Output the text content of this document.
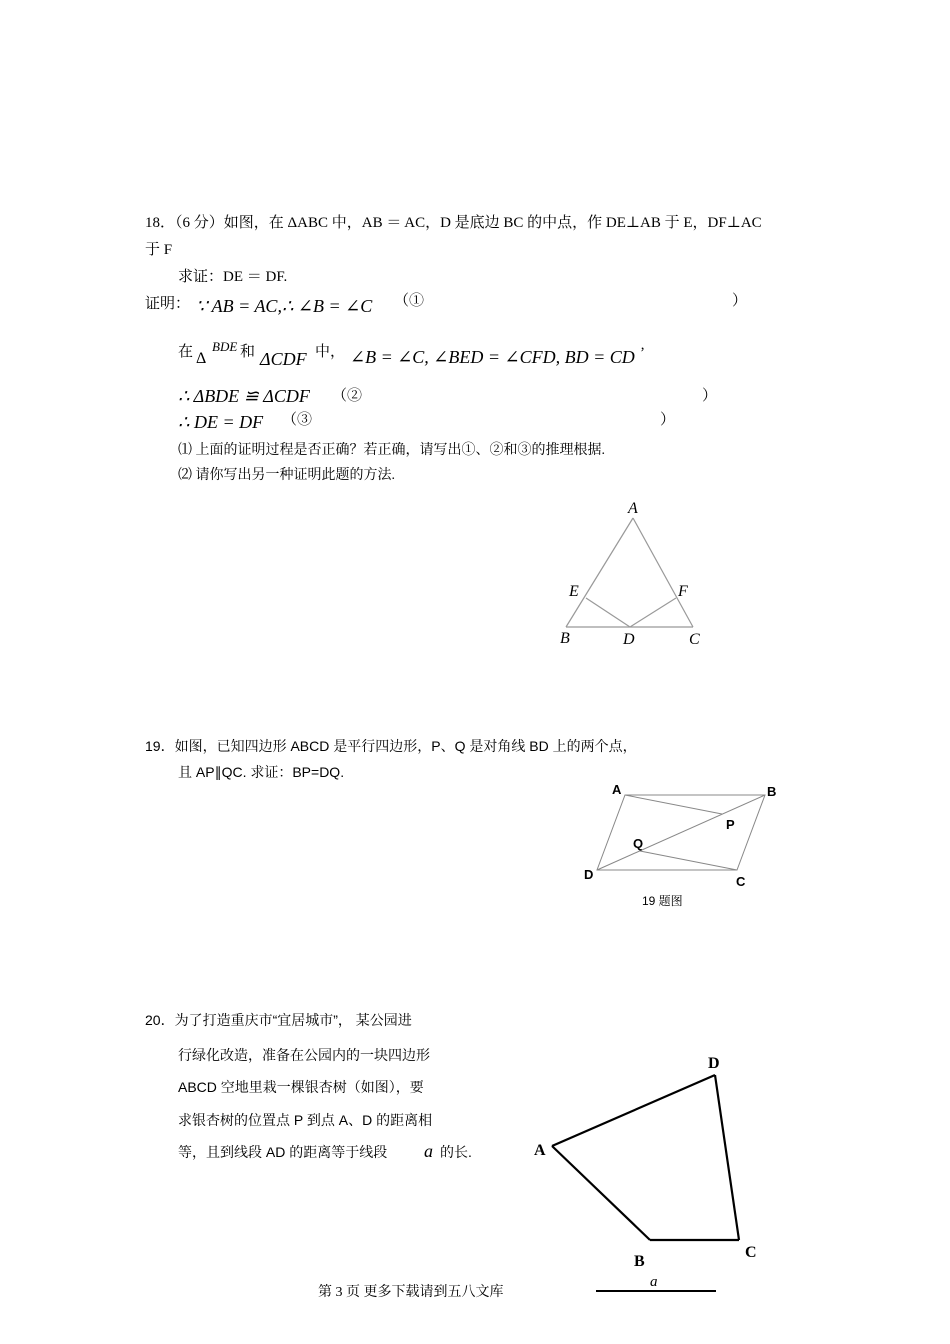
18．（6 分）如图，在 ΔABC 中，AB ＝ AC，D 是底边 BC 的中点，作 DE⊥AB 于 E，DF⊥AC
于 F
求证：DE ＝ DF.
证明： ∵ AB = AC,∴ ∠B = ∠C （①	）
在 Δ
BDE 和 ΔCDF 中， ∠B = ∠C, ∠BED = ∠CFD, BD = CD ’
∴ ΔBDE ≌ ΔCDF （②	）
∴ DE = DF （③	）
⑴ 上面的证明过程是否正确？若正确，请写出①、②和③的推理根据.
⑵ 请你写出另一种证明此题的方法.
A
E	F
B	D	C
A	B
P
Q
D	C
A
B
C
D
a
19．如图，已知四边形 ABCD 是平行四边形，P、Q 是对角线 BD 上的两个点，
且 AP∥QC. 求证：BP=DQ.
19 题图
20．为了打造重庆市“宜居城市”， 某公园进
行绿化改造，准备在公园内的一块四边形
ABCD 空地里栽一棵银杏树（如图），要
求银杏树的位置点 P 到点 A、D 的距离相
等，且到线段 AD 的距离等于线段 a 的长.
第 3 页 更多下载请到五八文库
